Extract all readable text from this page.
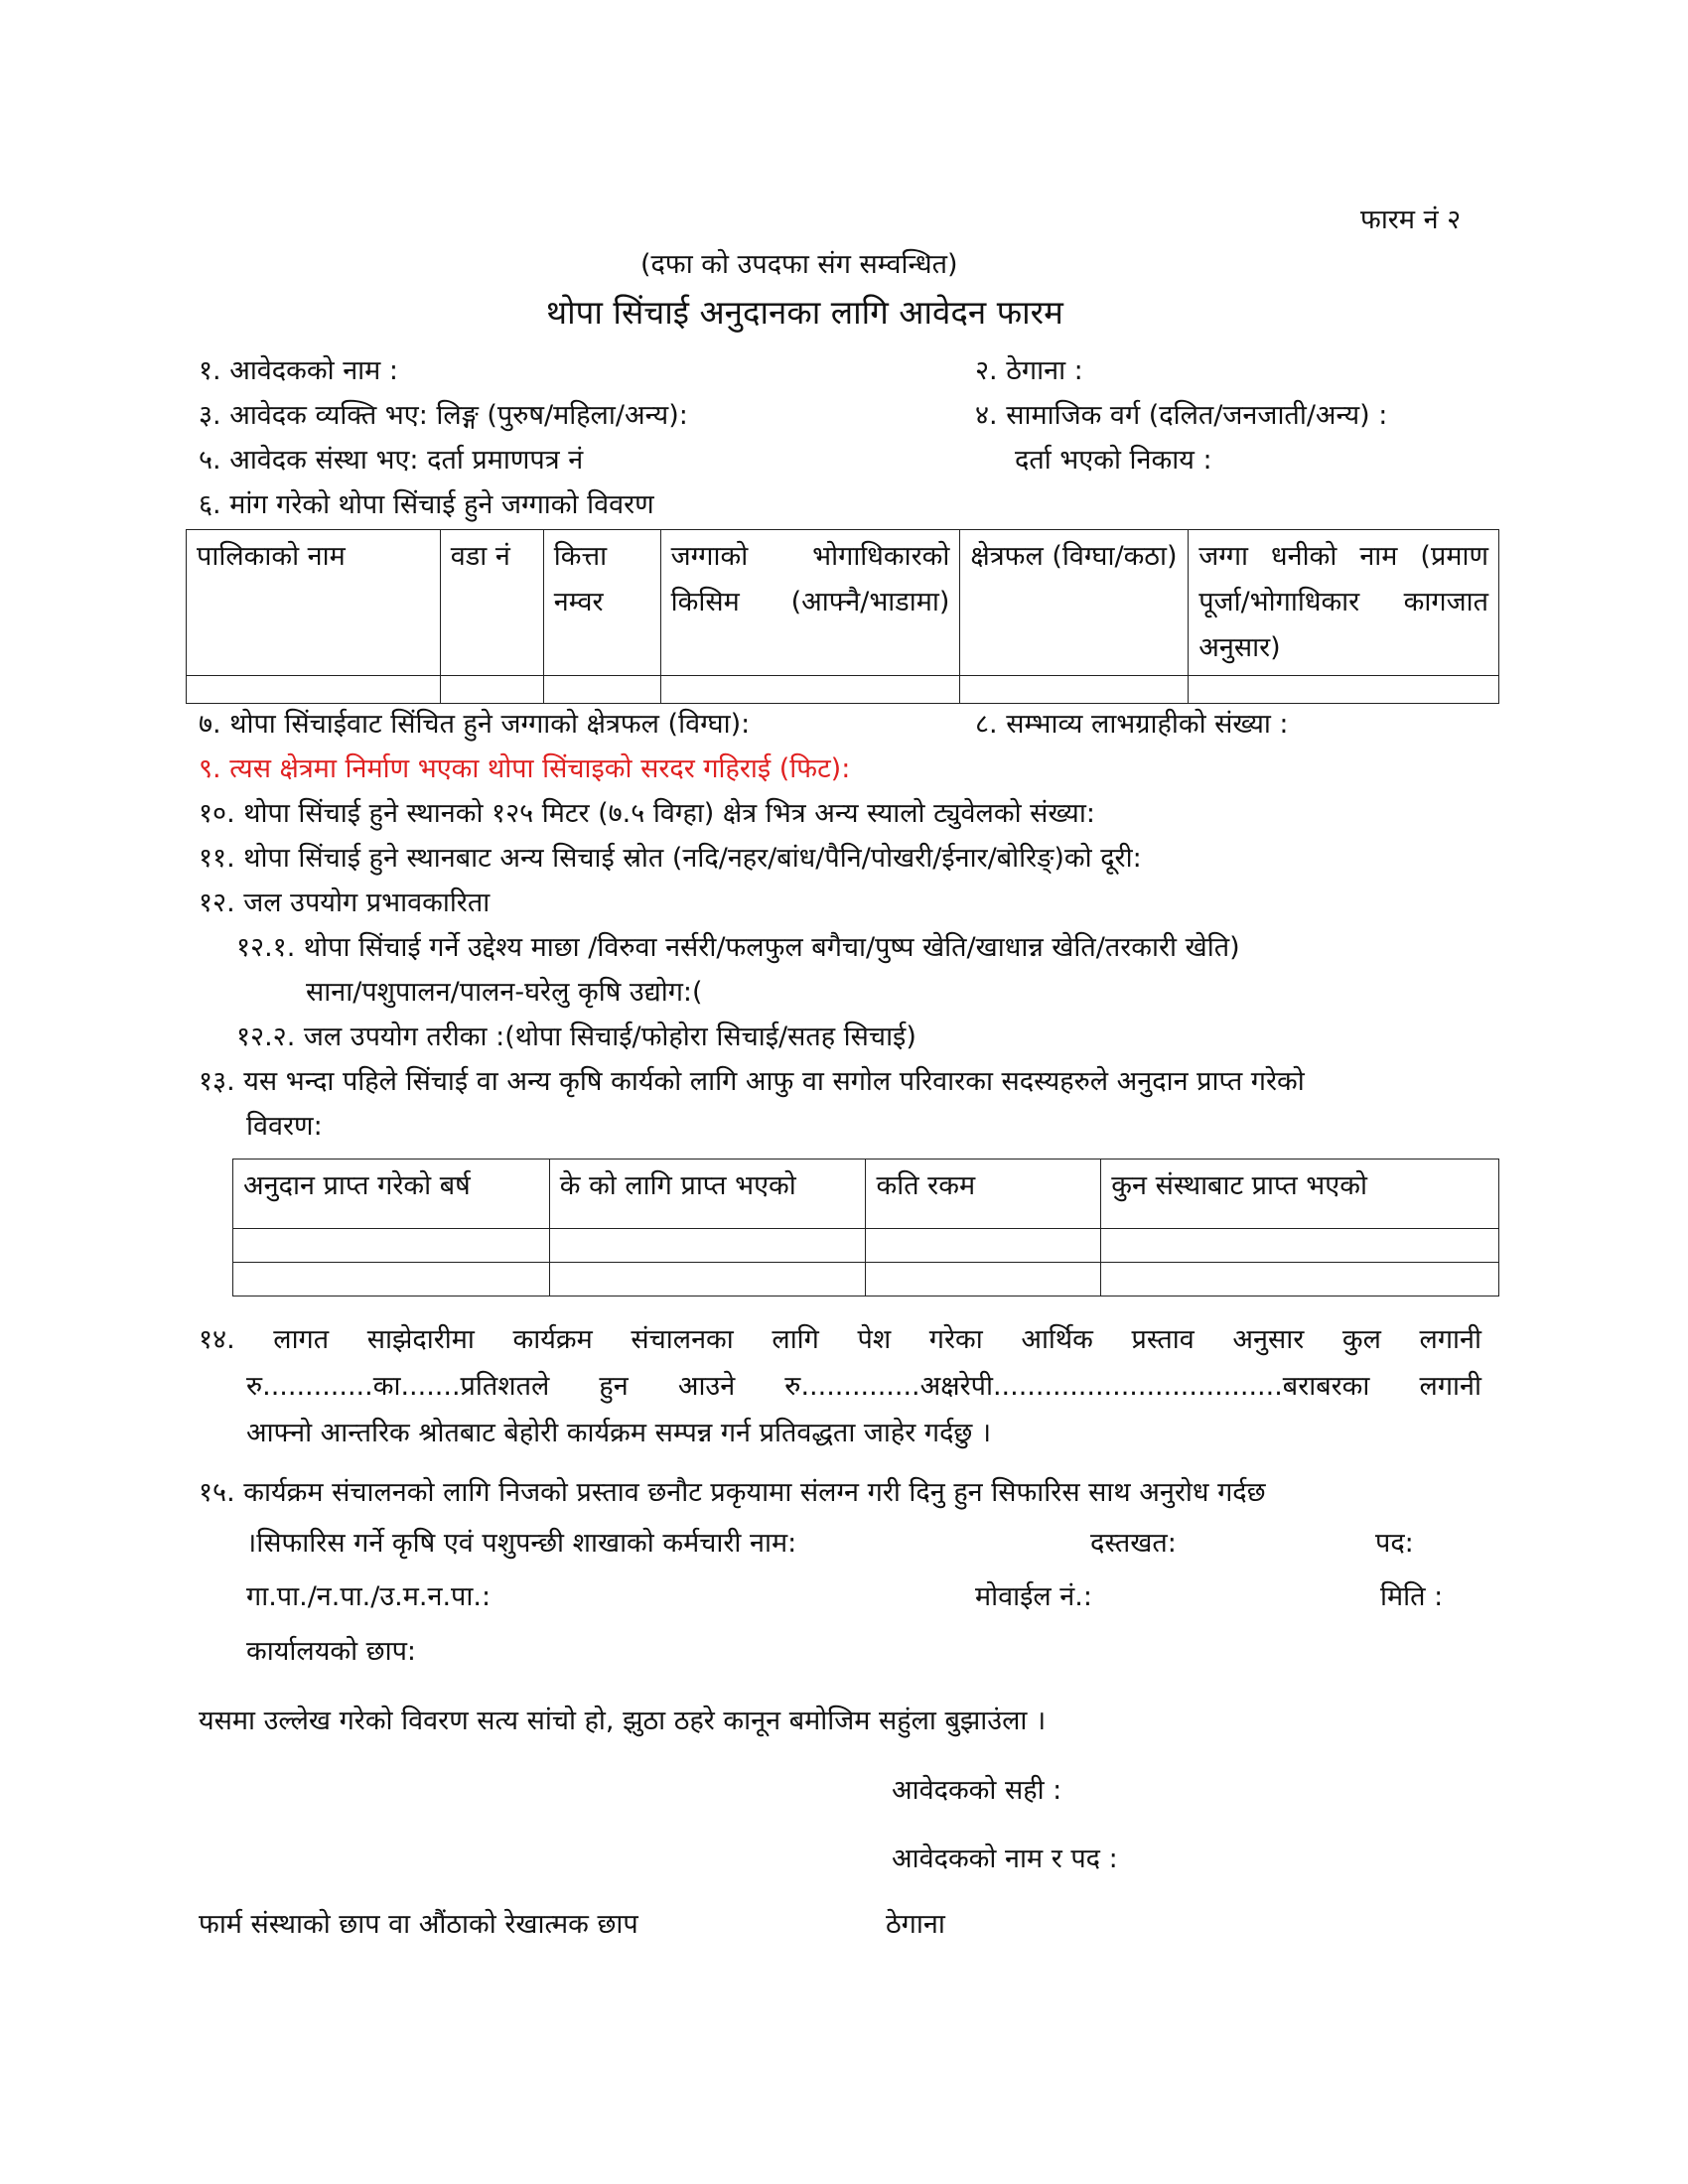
फारम नं २
(दफा को उपदफा संग सम्वन्धित)
थोपा सिंचाई अनुदानका लागि आवेदन फारम
१. आवेदकको नाम :	२. ठेगाना :
३. आवेदक व्यक्ति भए: लिङ्ग (पुरुष/महिला/अन्य):	४. सामाजिक वर्ग (दलित/जनजाती/अन्य) :
५. आवेदक संस्था भए: दर्ता प्रमाणपत्र नं	दर्ता भएको निकाय :
६. मांग गरेको थोपा सिंचाई हुने जग्गाको विवरण
पालिकाको नाम	वडा नं	कित्ता नम्वर	जग्गाको भोगाधिकारको किसिम (आफ्नै/भाडामा)	क्षेत्रफल (विग्घा/कठा)	जग्गा धनीको नाम (प्रमाण पूर्जा/भोगाधिकार कागजात अनुसार)

७. थोपा सिंचाईवाट सिंचित हुने जग्गाको क्षेत्रफल (विग्घा):	८. सम्भाव्य लाभग्राहीको संख्या :
९. त्यस क्षेत्रमा निर्माण भएका थोपा सिंचाइको सरदर गहिराई (फिट):
१०. थोपा सिंचाई हुने स्थानको १२५ मिटर (७.५ विग्हा) क्षेत्र भित्र अन्य स्यालो ट्युवेलको संख्या:
११. थोपा सिंचाई हुने स्थानबाट अन्य सिचाई स्रोत (नदि/नहर/बांध/पैनि/पोखरी/ईनार/बोरिङ्)को दूरी:
१२. जल उपयोग प्रभावकारिता
१२.१. थोपा सिंचाई गर्ने उद्देश्य माछा /विरुवा नर्सरी/फलफुल बगैचा/पुष्प खेति/खाधान्न खेति/तरकारी खेति)
साना/पशुपालन/पालन-घरेलु कृषि उद्योग:(
१२.२. जल उपयोग तरीका :(थोपा सिचाई/फोहोरा सिचाई/सतह सिचाई)
१३. यस भन्दा पहिले सिंचाई वा अन्य कृषि कार्यको लागि आफु वा सगोल परिवारका सदस्यहरुले अनुदान प्राप्त गरेको
विवरण:
अनुदान प्राप्त गरेको बर्ष	के को लागि प्राप्त भएको	कति रकम	कुन संस्थाबाट प्राप्त भएको

१४. लागत साझेदारीमा कार्यक्रम संचालनका लागि पेश गरेका आर्थिक प्रस्ताव अनुसार कुल लगानी
रु.............का.......प्रतिशतले हुन आउने रु..............अक्षरेपी..................................बराबरका लगानी
आफ्नो आन्तरिक श्रोतबाट बेहोरी कार्यक्रम सम्पन्न गर्न प्रतिवद्धता जाहेर गर्दछु ।
१५. कार्यक्रम संचालनको लागि निजको प्रस्ताव छनौट प्रकृयामा संलग्न गरी दिनु हुन सिफारिस साथ अनुरोध गर्दछ
।सिफारिस गर्ने कृषि एवं पशुपन्छी शाखाको कर्मचारी नाम:	दस्तखत:	पद:
गा.पा./न.पा./उ.म.न.पा.:	मोवाईल नं.:	मिति :
कार्यालयको छाप:
यसमा उल्लेख गरेको विवरण सत्य सांचो हो, झुठा ठहरे कानून बमोजिम सहुंला बुझाउंला ।
आवेदकको सही :
आवेदकको नाम र पद :
फार्म संस्थाको छाप वा औंठाको रेखात्मक छाप	ठेगाना
